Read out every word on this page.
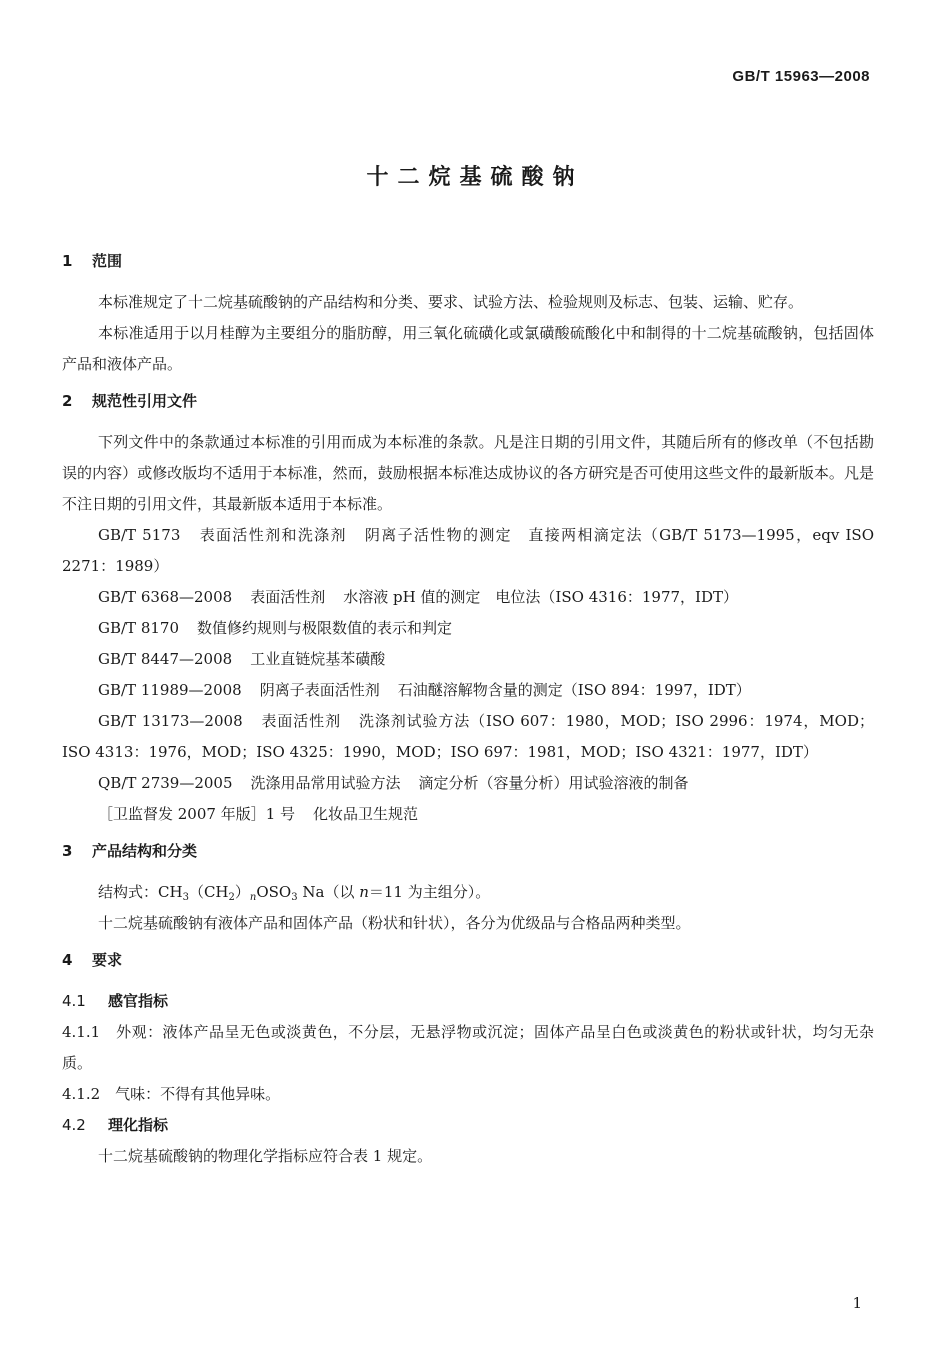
GB/T 15963—2008
十二烷基硫酸钠
1	范围

本标准规定了十二烷基硫酸钠的产品结构和分类、要求、试验方法、检验规则及标志、包装、运输、贮存。

本标准适用于以月桂醇为主要组分的脂肪醇，用三氧化硫磺化或氯磺酸硫酸化中和制得的十二烷基硫酸钠，包括固体产品和液体产品。

2	规范性引用文件

下列文件中的条款通过本标准的引用而成为本标准的条款。凡是注日期的引用文件，其随后所有的修改单（不包括勘误的内容）或修改版均不适用于本标准，然而，鼓励根据本标准达成协议的各方研究是否可使用这些文件的最新版本。凡是不注日期的引用文件，其最新版本适用于本标准。

GB/T 5173 表面活性剂和洗涤剂 阴离子活性物的测定　直接两相滴定法（GB/T 5173—1995，eqv ISO 2271：1989）

GB/T 6368—2008 表面活性剂 水溶液 pH 值的测定　电位法（ISO 4316：1977，IDT）

GB/T 8170 数值修约规则与极限数值的表示和判定

GB/T 8447—2008 工业直链烷基苯磺酸

GB/T 11989—2008 阴离子表面活性剂 石油醚溶解物含量的测定（ISO 894：1997，IDT）

GB/T 13173—2008 表面活性剂 洗涤剂试验方法（ISO 607：1980，MOD；ISO 2996：1974，MOD；ISO 4313：1976，MOD；ISO 4325：1990，MOD；ISO 697：1981，MOD；ISO 4321：1977，IDT）

QB/T 2739—2005 洗涤用品常用试验方法 滴定分析（容量分析）用试验溶液的制备

［卫监督发 2007 年版］1 号 化妆品卫生规范

3	产品结构和分类

结构式：$CH_3(CH_2)_nOSO_3$ Na（以 n＝11 为主组分）。

十二烷基硫酸钠有液体产品和固体产品（粉状和针状），各分为优级品与合格品两种类型。

4	要求
4.1	感官指标

4.1.1　外观：液体产品呈无色或淡黄色，不分层，无悬浮物或沉淀；固体产品呈白色或淡黄色的粉状或针状，均匀无杂质。

4.1.2　气味：不得有其他异味。

4.2	理化指标

十二烷基硫酸钠的物理化学指标应符合表 1 规定。

1
